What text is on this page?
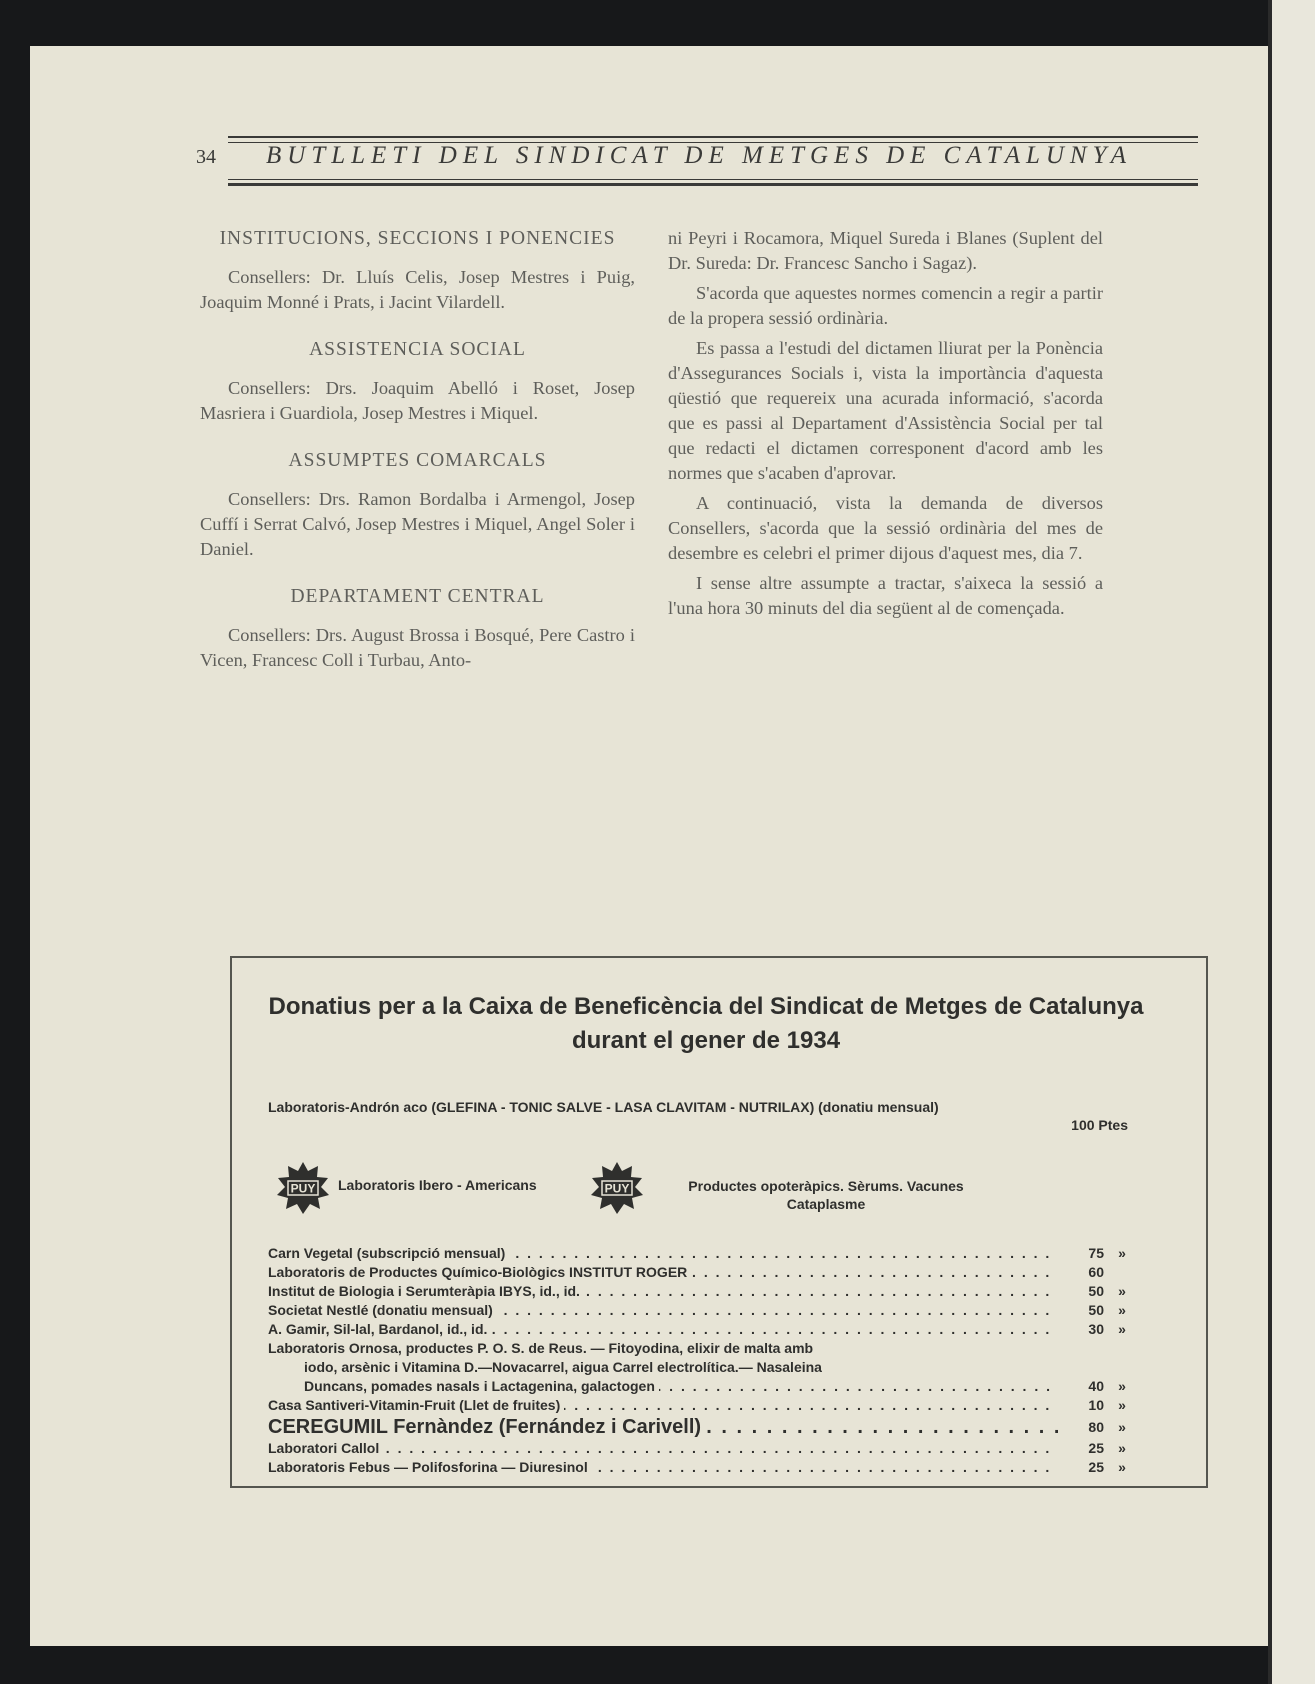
34 BUTLLETI DEL SINDICAT DE METGES DE CATALUNYA
INSTITUCIONS, SECCIONS I PONENCIES
Consellers: Dr. Lluís Celis, Josep Mestres i Puig, Joaquim Monné i Prats, i Jacint Vilardell.
ASSISTENCIA SOCIAL
Consellers: Drs. Joaquim Abelló i Roset, Josep Masriera i Guardiola, Josep Mestres i Miquel.
ASSUMPTES COMARCALS
Consellers: Drs. Ramon Bordalba i Armengol, Josep Cuffí i Serrat Calvó, Josep Mestres i Miquel, Angel Soler i Daniel.
DEPARTAMENT CENTRAL
Consellers: Drs. August Brossa i Bosqué, Pere Castro i Vicen, Francesc Coll i Turbau, Anto-
ni Peyri i Rocamora, Miquel Sureda i Blanes (Suplent del Dr. Sureda: Dr. Francesc Sancho i Sagaz).
S'acorda que aquestes normes comencin a regir a partir de la propera sessió ordinària.
Es passa a l'estudi del dictamen lliurat per la Ponència d'Assegurances Socials i, vista la importància d'aquesta qüestió que requereix una acurada informació, s'acorda que es passi al Departament d'Assistència Social per tal que redacti el dictamen corresponent d'acord amb les normes que s'acaben d'aprovar.
A continuació, vista la demanda de diversos Consellers, s'acorda que la sessió ordinària del mes de desembre es celebri el primer dijous d'aquest mes, dia 7.
I sense altre assumpte a tractar, s'aixeca la sessió a l'una hora 30 minuts del dia següent al de començada.
Donatius per a la Caixa de Beneficència del Sindicat de Metges de Catalunya durant el gener de 1934
Laboratoris-Andrón aco (GLEFINA - TONIC SALVE - LASA CLAVITAM - NUTRILAX) (donatiu mensual)
100 Ptes
PUY Laboratoris Ibero - Americans	PUY	Productes opoteràpics. Sèrums. Vacunes
Cataplasme
Carn Vegetal (subscripció mensual) . . .	75 »
Laboratoris de Productes Químico-Biològics INSTITUT ROGER . . .	60
Institut de Biologia i Serumteràpia IBYS, id., id. . . .	50 »
Societat Nestlé (donatiu mensual) . . .	50 »
A. Gamir, Sil-lal, Bardanol, id., id. . . .	30 »
Laboratoris Ornosa, productes P. O. S. de Reus. — Fitoyodina, elixir de malta amb
iodo, arsènic i Vitamina D.—Novacarrel, aigua Carrel electrolítica.— Nasaleina
Duncans, pomades nasals i Lactagenina, galactogen . . .	40 »
Casa Santiveri-Vitamin-Fruit (Llet de fruites) . . .	10 »
CEREGUMIL Fernàndez (Fernández i Carivell) . . .	80 »
Laboratori Callol . . .	25 »
Laboratoris Febus — Polifosforina — Diuresinol . . .	25 »
